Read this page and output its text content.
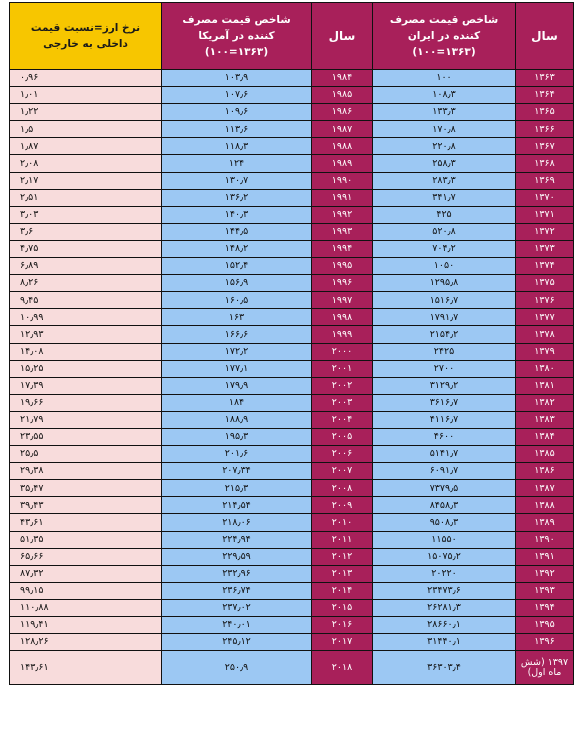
سال	شاخص قیمت مصرف کننده در ایران (۱۳۶۳=۱۰۰)	سال	شاخص قیمت مصرف کننده در آمریکا (۱۳۶۳=۱۰۰)	نرخ ارز=نسبت قیمت داخلی به خارجی
۱۳۶۳	۱۰۰	۱۹۸۴	۱۰۳٫۹	۰٫۹۶
۱۳۶۴	۱۰۸٫۳	۱۹۸۵	۱۰۷٫۶	۱٫۰۱
۱۳۶۵	۱۳۳٫۳	۱۹۸۶	۱۰۹٫۶	۱٫۲۲
۱۳۶۶	۱۷۰٫۸	۱۹۸۷	۱۱۳٫۶	۱٫۵
۱۳۶۷	۲۲۰٫۸	۱۹۸۸	۱۱۸٫۳	۱٫۸۷
۱۳۶۸	۲۵۸٫۳	۱۹۸۹	۱۲۴	۲٫۰۸
۱۳۶۹	۲۸۳٫۳	۱۹۹۰	۱۳۰٫۷	۲٫۱۷
۱۳۷۰	۳۴۱٫۷	۱۹۹۱	۱۳۶٫۲	۲٫۵۱
۱۳۷۱	۴۲۵	۱۹۹۲	۱۴۰٫۳	۳٫۰۳
۱۳۷۲	۵۲۰٫۸	۱۹۹۳	۱۴۴٫۵	۳٫۶
۱۳۷۳	۷۰۴٫۲	۱۹۹۴	۱۴۸٫۲	۴٫۷۵
۱۳۷۴	۱۰۵۰	۱۹۹۵	۱۵۲٫۴	۶٫۸۹
۱۳۷۵	۱۲۹۵٫۸	۱۹۹۶	۱۵۶٫۹	۸٫۲۶
۱۳۷۶	۱۵۱۶٫۷	۱۹۹۷	۱۶۰٫۵	۹٫۴۵
۱۳۷۷	۱۷۹۱٫۷	۱۹۹۸	۱۶۳	۱۰٫۹۹
۱۳۷۸	۲۱۵۴٫۲	۱۹۹۹	۱۶۶٫۶	۱۲٫۹۳
۱۳۷۹	۲۴۲۵	۲۰۰۰	۱۷۲٫۲	۱۴٫۰۸
۱۳۸۰	۲۷۰۰	۲۰۰۱	۱۷۷٫۱	۱۵٫۲۵
۱۳۸۱	۳۱۲۹٫۲	۲۰۰۲	۱۷۹٫۹	۱۷٫۳۹
۱۳۸۲	۳۶۱۶٫۷	۲۰۰۳	۱۸۴	۱۹٫۶۶
۱۳۸۳	۴۱۱۶٫۷	۲۰۰۴	۱۸۸٫۹	۲۱٫۷۹
۱۳۸۴	۴۶۰۰	۲۰۰۵	۱۹۵٫۳	۲۳٫۵۵
۱۳۸۵	۵۱۴۱٫۷	۲۰۰۶	۲۰۱٫۶	۲۵٫۵
۱۳۸۶	۶۰۹۱٫۷	۲۰۰۷	۲۰۷٫۳۴	۲۹٫۳۸
۱۳۸۷	۷۳۷۹٫۵	۲۰۰۸	۲۱۵٫۳	۳۵٫۴۷
۱۳۸۸	۸۴۵۸٫۳	۲۰۰۹	۲۱۴٫۵۴	۳۹٫۴۳
۱۳۸۹	۹۵۰۸٫۳	۲۰۱۰	۲۱۸٫۰۶	۴۳٫۶۱
۱۳۹۰	۱۱۵۵۰	۲۰۱۱	۲۲۴٫۹۴	۵۱٫۳۵
۱۳۹۱	۱۵۰۷۵٫۲	۲۰۱۲	۲۲۹٫۵۹	۶۵٫۶۶
۱۳۹۲	۲۰۲۲۰	۲۰۱۳	۲۳۲٫۹۶	۸۷٫۳۲
۱۳۹۳	۲۳۴۷۳٫۶	۲۰۱۴	۲۳۶٫۷۴	۹۹٫۱۵
۱۳۹۴	۲۶۲۸۱٫۳	۲۰۱۵	۲۳۷٫۰۲	۱۱۰٫۸۸
۱۳۹۵	۲۸۶۶۰٫۱	۲۰۱۶	۲۴۰٫۰۱	۱۱۹٫۴۱
۱۳۹۶	۳۱۴۴۰٫۱	۲۰۱۷	۲۴۵٫۱۲	۱۲۸٫۲۶
۱۳۹۷ (شش ماه اول)	۳۶۳۰۳٫۴	۲۰۱۸	۲۵۰٫۹	۱۴۳٫۶۱
